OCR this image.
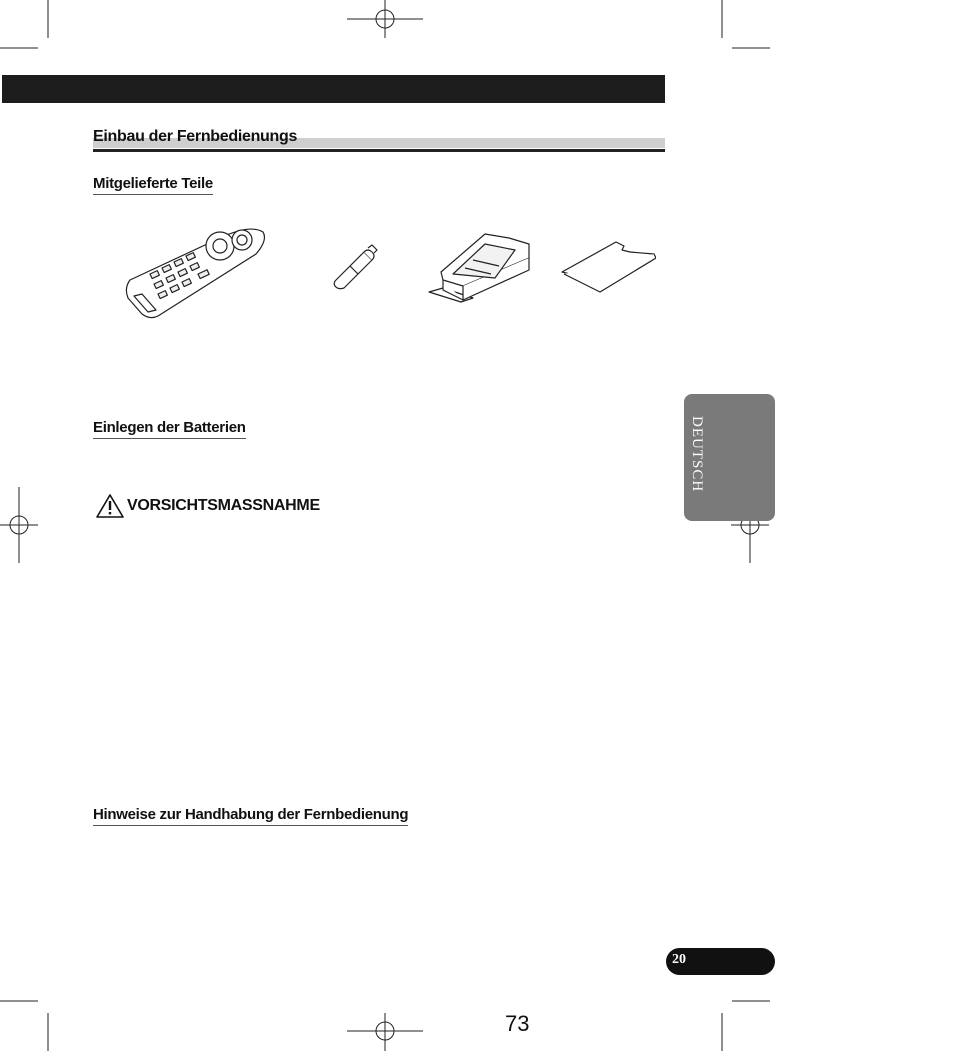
Einbau der Fernbedienungs
Mitgelieferte Teile
Einlegen der Batterien
VORSICHTSMASSNAHME
Hinweise zur Handhabung der Fernbedienung
DEUTSCH
20
73
